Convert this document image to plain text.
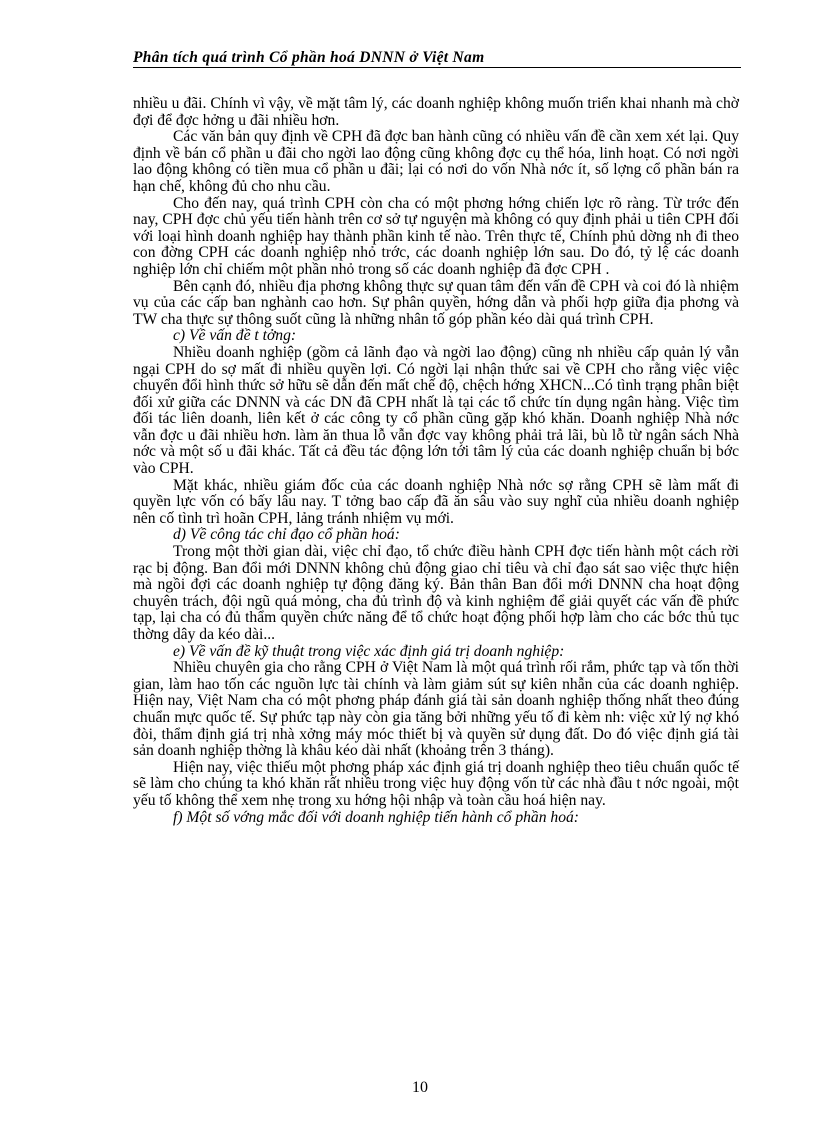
Phân tích quá trình Cổ phần hoá DNNN ở Việt Nam

nhiều u đãi. Chính vì vậy, về mặt tâm lý, các doanh nghiệp không muốn triển khai nhanh mà chờ đợi để đợc hởng u đãi nhiều hơn.

Các văn bản quy định về CPH đã đợc ban hành cũng có nhiều vấn đề cần xem xét lại. Quy định về bán cổ phần u đãi cho ngời lao động cũng không đợc cụ thể hóa, linh hoạt. Có nơi ngời lao động không có tiền mua cổ phần u đãi; lại có nơi do vốn Nhà nớc ít, số lợng cổ phần bán ra hạn chế, không đủ cho nhu cầu.

Cho đến nay, quá trình CPH còn cha có một phơng hớng chiến lợc rõ ràng. Từ trớc đến nay, CPH đợc chủ yếu tiến hành trên cơ sở tự nguyện mà không có quy định phải u tiên CPH đối với loại hình doanh nghiệp hay thành phần kinh tế nào. Trên thực tế, Chính phủ dờng nh đi theo con đờng CPH các doanh nghiệp nhỏ trớc, các doanh nghiệp lớn sau. Do đó, tỷ lệ các doanh nghiệp lớn chỉ chiếm một phần nhỏ trong số các doanh nghiệp đã đợc CPH .

Bên cạnh đó, nhiều địa phơng không thực sự quan tâm đến vấn đề CPH và coi đó là nhiệm vụ của các cấp ban nghành cao hơn. Sự phân quyền, hớng dẫn và phối hợp giữa địa phơng và TW cha thực sự thông suốt cũng là những nhân tố góp phần kéo dài quá trình CPH.

c) Về vấn đề t tởng:

Nhiều doanh nghiệp (gồm cả lãnh đạo và ngời lao động) cũng nh nhiều cấp quản lý vẫn ngại CPH do sợ mất đi nhiều quyền lợi. Có ngời lại nhận thức sai về CPH cho rằng việc việc chuyển đổi hình thức sở hữu sẽ dẫn đến mất chế độ, chệch hớng XHCN...Có tình trạng phân biệt đối xử giữa các DNNN và các DN đã CPH nhất là tại các tổ chức tín dụng ngân hàng. Việc tìm đối tác liên doanh, liên kết ở các công ty cổ phần cũng gặp khó khăn. Doanh nghiệp Nhà nớc vẫn đợc u đãi nhiều hơn. làm ăn thua lỗ vẫn đợc vay không phải trả lãi, bù lỗ từ ngân sách Nhà nớc và một số u đãi khác. Tất cả đều tác động lớn tới tâm lý của các doanh nghiệp chuẩn bị bớc vào CPH.

Mặt khác, nhiều giám đốc của các doanh nghiệp Nhà nớc sợ rằng CPH sẽ làm mất đi quyền lực vốn có bấy lâu nay. T tởng bao cấp đã ăn sâu vào suy nghĩ của nhiều doanh nghiệp nên cố tình trì hoãn CPH, lảng tránh nhiệm vụ mới.

d) Về công tác chỉ đạo cổ phần hoá:

Trong một thời gian dài, việc chỉ đạo, tổ chức điều hành CPH đợc tiến hành một cách rời rạc bị động. Ban đổi mới DNNN không chủ động giao chỉ tiêu và chỉ đạo sát sao việc thực hiện mà ngồi đợi các doanh nghiệp tự động đăng ký. Bản thân Ban đổi mới DNNN cha hoạt động chuyên trách, đội ngũ quá mỏng, cha đủ trình độ và kinh nghiệm để giải quyết các vấn đề phức tạp, lại cha có đủ thẩm quyền chức năng để tổ chức hoạt động phối hợp làm cho các bớc thủ tục thờng dây da kéo dài...

e) Về vấn đề kỹ thuật trong việc xác định giá trị doanh nghiệp:

Nhiều chuyên gia cho rằng CPH ở Việt Nam là một quá trình rối rắm, phức tạp và tốn thời gian, làm hao tốn các nguồn lực tài chính và làm giảm sút sự kiên nhẫn của các doanh nghiệp. Hiện nay, Việt Nam cha có một phơng pháp đánh giá tài sản doanh nghiệp thống nhất theo đúng chuẩn mực quốc tế. Sự phức tạp này còn gia tăng bởi những yếu tố đi kèm nh: việc xử lý nợ khó đòi, thẩm định giá trị nhà xởng máy móc thiết bị và quyền sử dụng đất. Do đó việc định giá tài sản doanh nghiệp thờng là khâu kéo dài nhất (khoảng trên 3 tháng).

Hiện nay, việc thiếu một phơng pháp xác định giá trị doanh nghiệp theo tiêu chuẩn quốc tế sẽ làm cho chúng ta khó khăn rất nhiều trong việc huy động vốn từ các nhà đầu t nớc ngoài, một yếu tố không thể xem nhẹ trong xu hớng hội nhập và toàn cầu hoá hiện nay.

f) Một số vớng mắc đối với doanh nghiệp tiến hành cổ phần hoá:

10
